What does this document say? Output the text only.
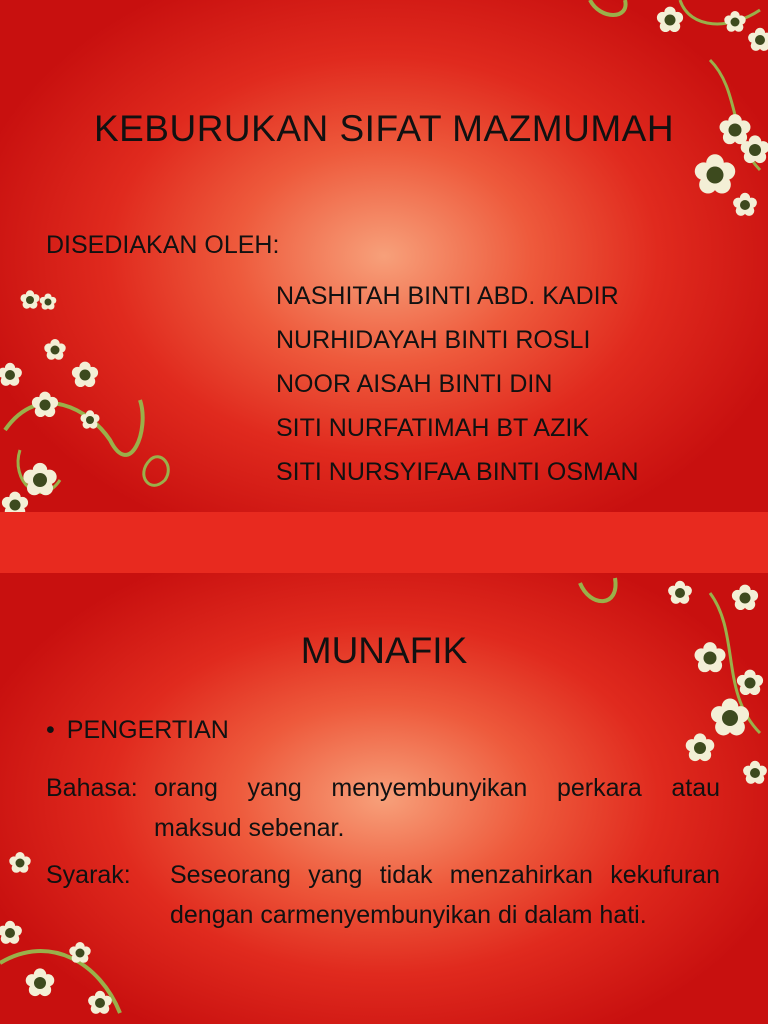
KEBURUKAN SIFAT MAZMUMAH
DISEDIAKAN OLEH:
NASHITAH BINTI ABD. KADIR
NURHIDAYAH BINTI ROSLI
NOOR AISAH BINTI DIN
SITI NURFATIMAH BT AZIK
SITI NURSYIFAA BINTI OSMAN
MUNAFIK
• PENGERTIAN
Bahasa: orang yang menyembunyikan perkara atau maksud sebenar.
Syarak: Seseorang yang tidak menzahirkan kekufuran dengan carmenyembunyikan di dalam hati.
